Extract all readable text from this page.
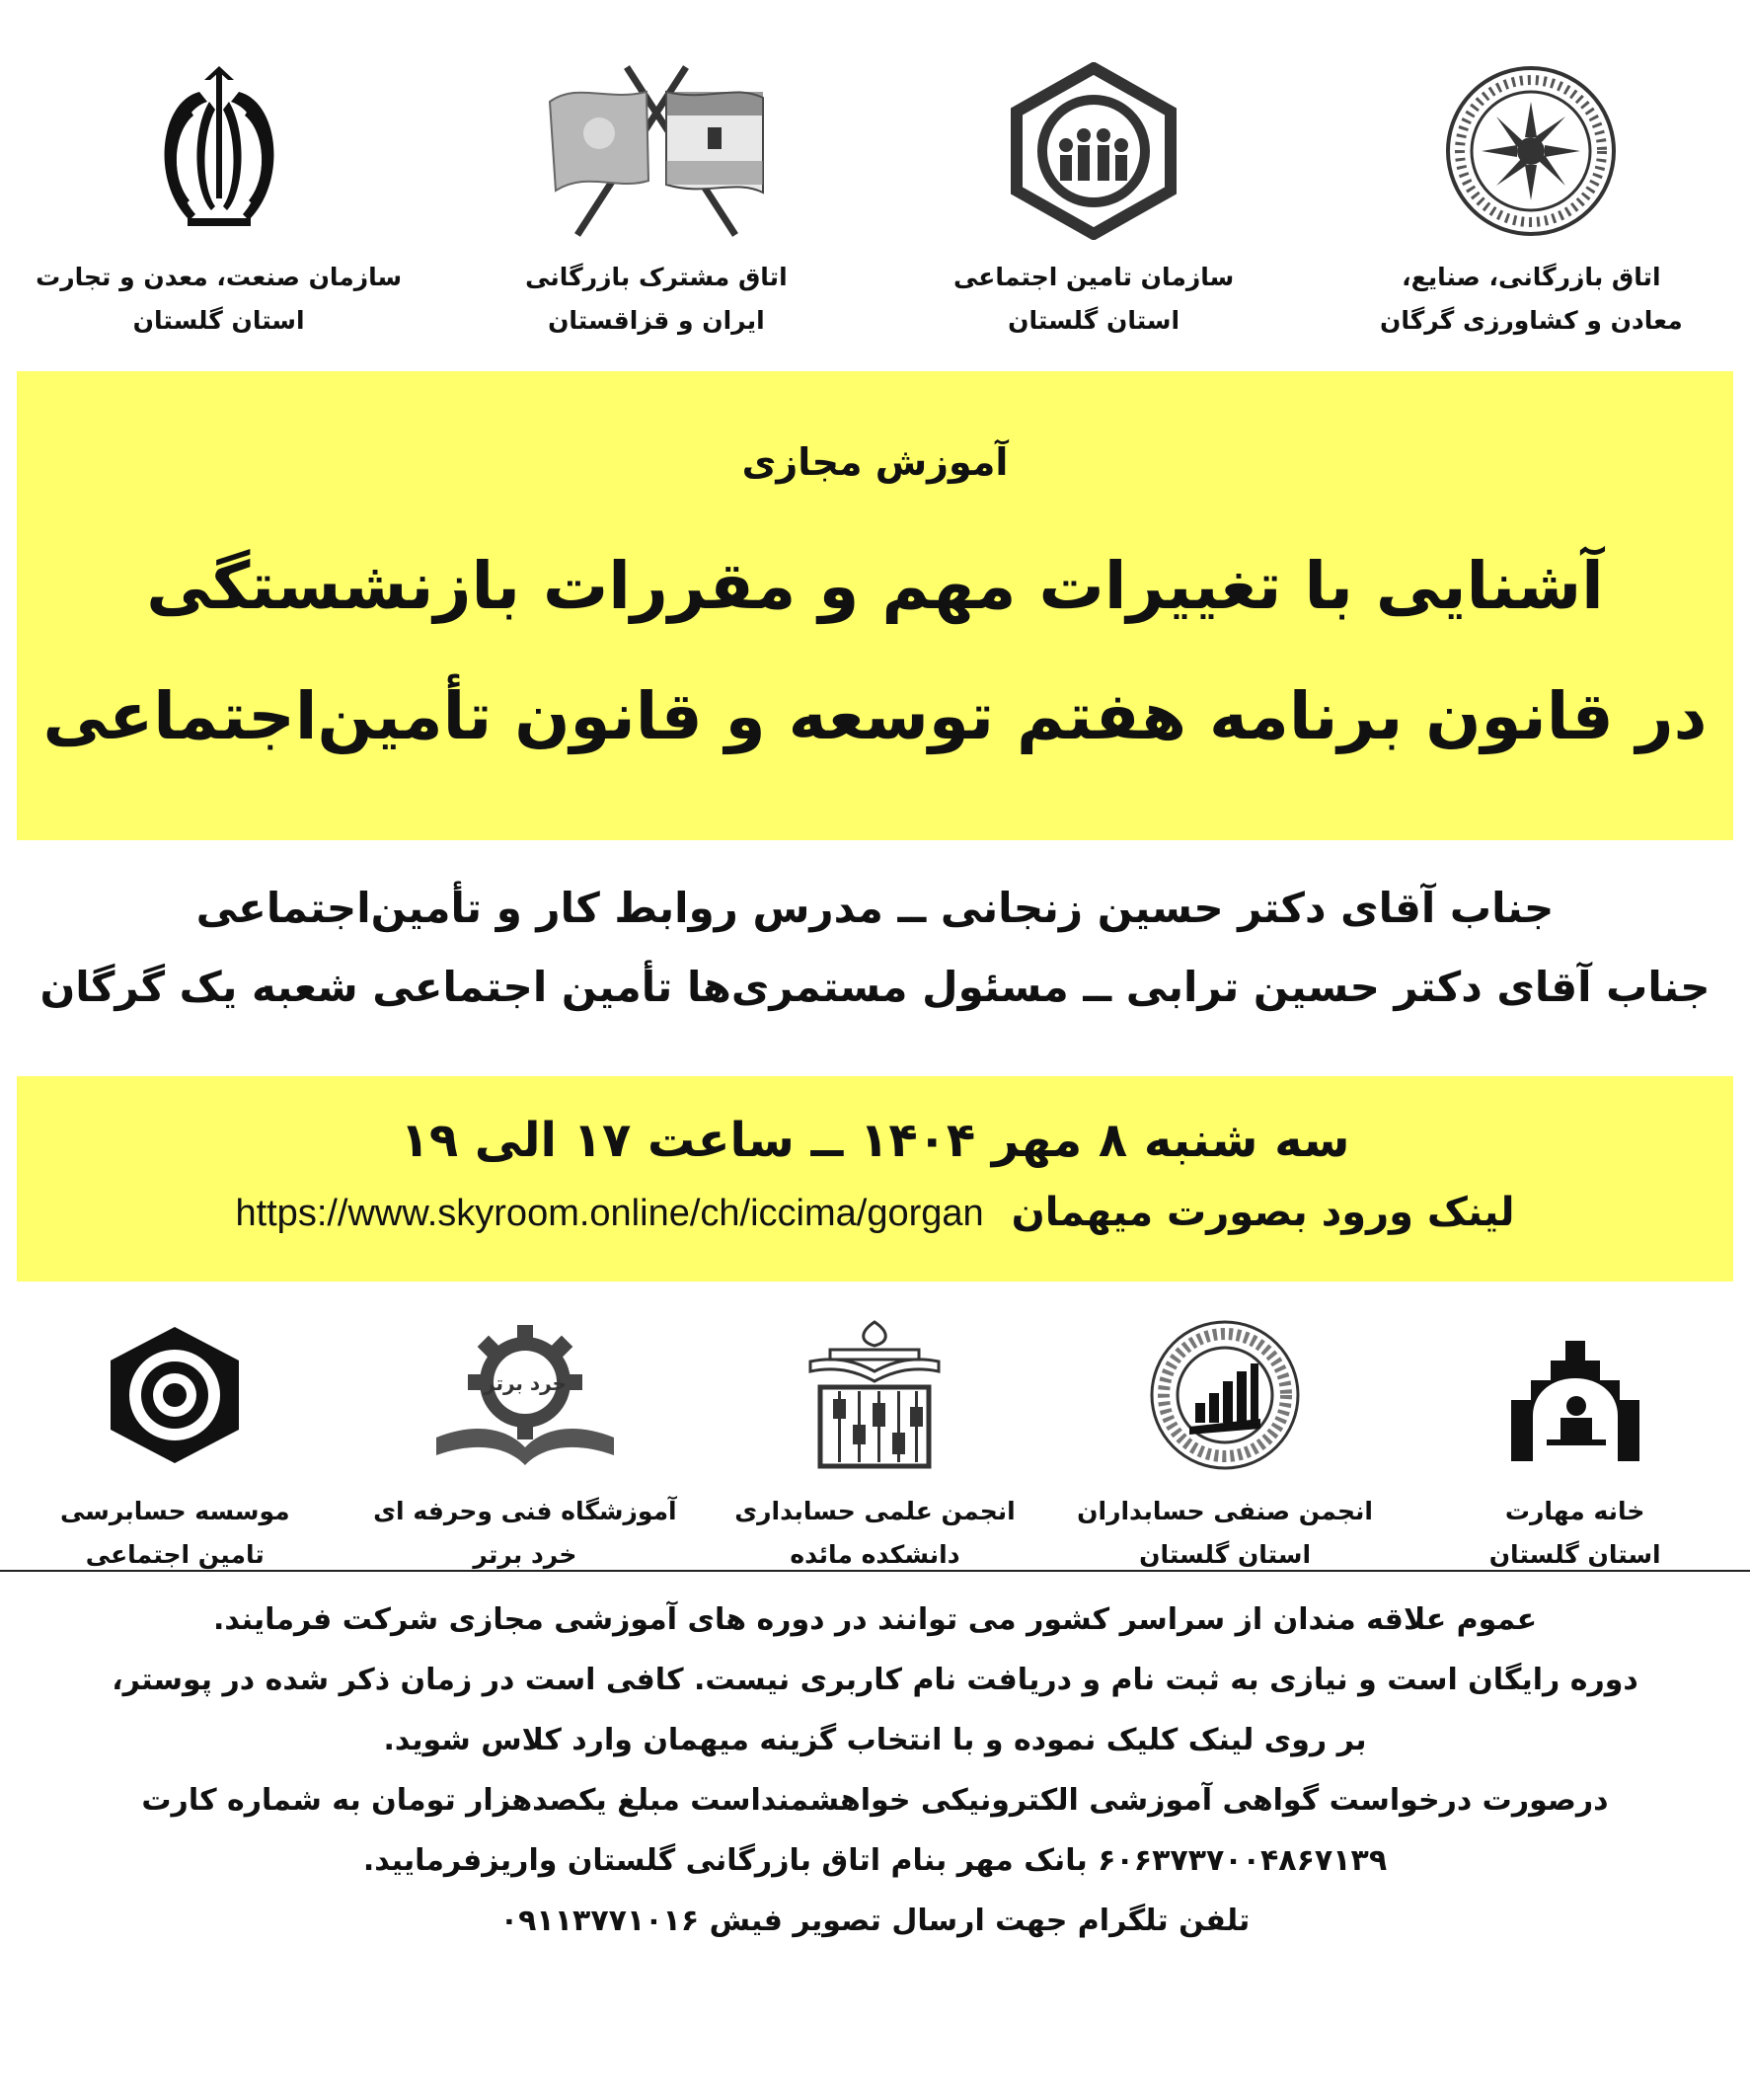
سازمان صنعت، معدن و تجارت
استان گلستان
اتاق مشترک بازرگانی
ایران و قزاقستان
سازمان تامین اجتماعی
استان گلستان
اتاق بازرگانی، صنایع،
معادن و کشاورزی گرگان
آموزش مجازی
آشنایی با تغییرات مهم و مقررات بازنشستگی
در قانون برنامه هفتم توسعه و قانون تأمین‌اجتماعی
جناب آقای دکتر حسین زنجانی ــ مدرس روابط کار و تأمین‌اجتماعی
جناب آقای دکتر حسین ترابی ــ مسئول مستمری‌ها تأمین اجتماعی شعبه یک گرگان
سه شنبه ۸ مهر ۱۴۰۴ ــ ساعت ۱۷ الی ۱۹
https://www.skyroom.online/ch/iccima/gorgan لینک ورود بصورت میهمان
موسسه حسابرسی
تامین اجتماعی
خرد برتر
آموزشگاه فنی وحرفه ای
خرد برتر
انجمن علمی حسابداری
دانشکده مائده
انجمن صنفی حسابداران
استان گلستان
خانه مهارت
استان گلستان

عموم علاقه مندان از سراسر کشور می توانند در دوره های آموزشی مجازی شرکت فرمایند.

دوره رایگان است و نیازی به ثبت نام و دریافت نام کاربری نیست. کافی است در زمان ذکر شده در پوستر،

بر روی لینک کلیک نموده و با انتخاب گزینه میهمان وارد کلاس شوید.

درصورت درخواست گواهی آموزشی الکترونیکی خواهشمنداست مبلغ یکصدهزار تومان به شماره کارت

۶۰۶۳۷۳۷۰۰۴۸۶۷۱۳۹ بانک مهر بنام اتاق بازرگانی گلستان واریزفرمایید.

تلفن تلگرام جهت ارسال تصویر فیش ۰۹۱۱۳۷۷۱۰۱۶
